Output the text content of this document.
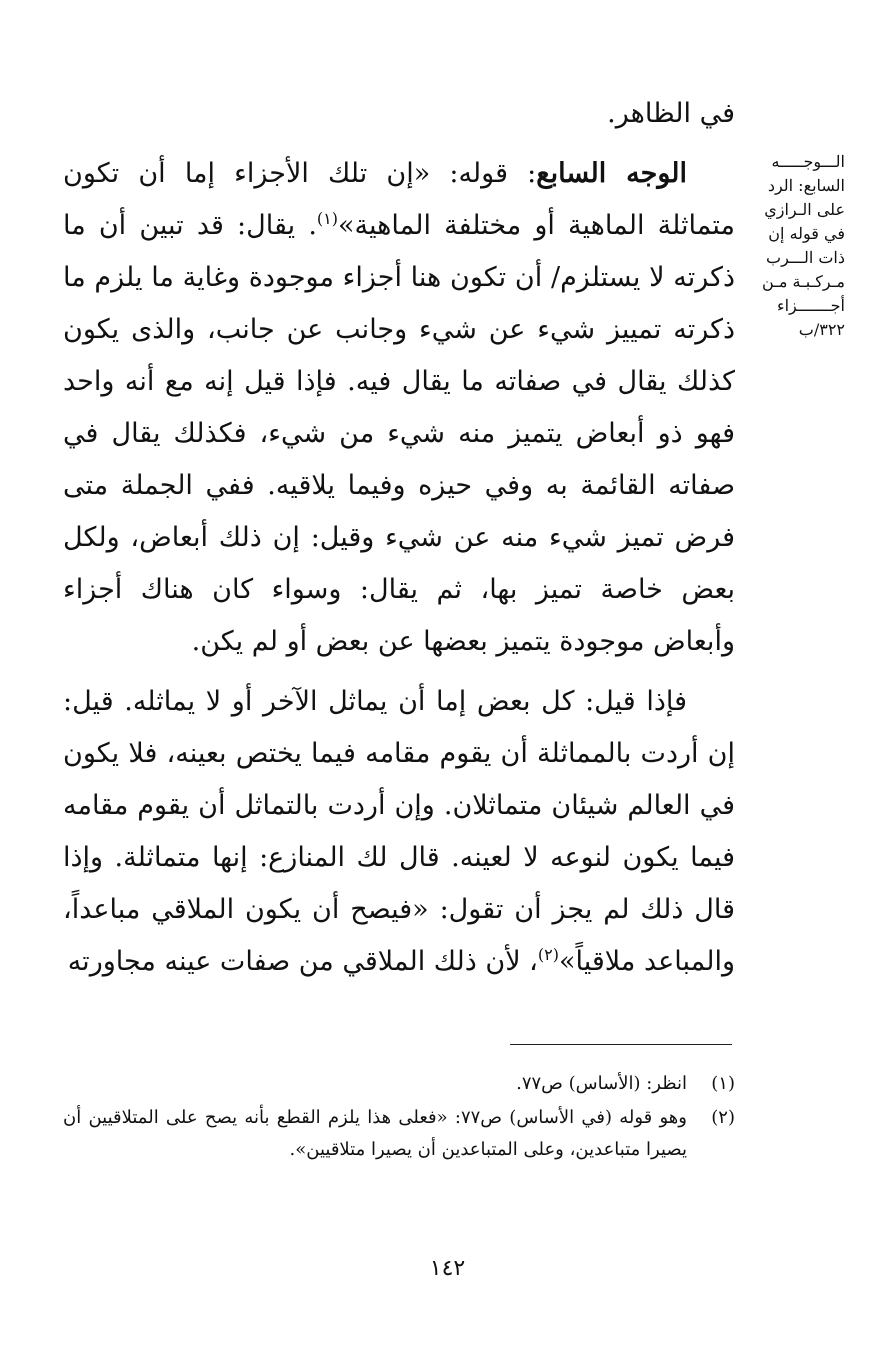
الـــوجـــــه
السابع: الرد
على الـرازي
في قوله إن
ذات الـــرب
مـركـبـة مـن
أجـــــــزاء
٣٢٢/ب

في الظاهر.

الوجه السابع: قوله: «إن تلك الأجزاء إما أن تكون متماثلة الماهية أو مختلفة الماهية»$^{(١)}$. يقال: قد تبين أن ما ذكرته لا يستلزم/ أن تكون هنا أجزاء موجودة وغاية ما يلزم ما ذكرته تمييز شيء عن شيء وجانب عن جانب، والذى يكون كذلك يقال في صفاته ما يقال فيه. فإذا قيل إنه مع أنه واحد فهو ذو أبعاض يتميز منه شيء من شيء، فكذلك يقال في صفاته القائمة به وفي حيزه وفيما يلاقيه. ففي الجملة متى فرض تميز شيء منه عن شيء وقيل: إن ذلك أبعاض، ولكل بعض خاصة تميز بها، ثم يقال: وسواء كان هناك أجزاء وأبعاض موجودة يتميز بعضها عن بعض أو لم يكن.

فإذا قيل: كل بعض إما أن يماثل الآخر أو لا يماثله. قيل: إن أردت بالمماثلة أن يقوم مقامه فيما يختص بعينه، فلا يكون في العالم شيئان متماثلان. وإن أردت بالتماثل أن يقوم مقامه فيما يكون لنوعه لا لعينه. قال لك المنازع: إنها متماثلة. وإذا قال ذلك لم يجز أن تقول: «فيصح أن يكون الملاقي مباعداً، والمباعد ملاقياً»$^{(٢)}$، لأن ذلك الملاقي من صفات عينه مجاورته

(١)
انظر: (الأساس) ص٧٧.
(٢)
وهو قوله (في الأساس) ص٧٧: «فعلى هذا يلزم القطع بأنه يصح على المتلاقيين أن يصيرا متباعدين، وعلى المتباعدين أن يصيرا متلاقيين».
١٤٢
